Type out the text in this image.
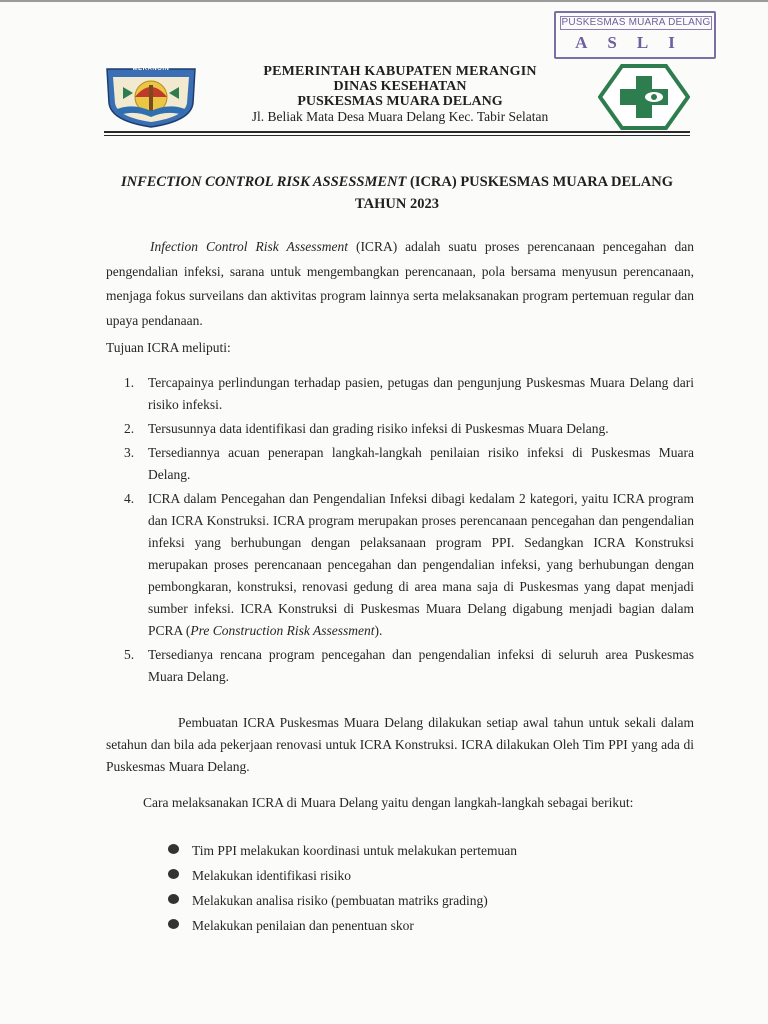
PUSKESMAS MUARA DELANG
ASLI
MERANGIN	PEMERINTAH KABUPATEN MERANGIN
DINAS KESEHATAN
PUSKESMAS MUARA DELANG
Jl. Beliak Mata Desa Muara Delang Kec. Tabir Selatan
INFECTION CONTROL RISK ASSESSMENT (ICRA) PUSKESMAS MUARA DELANG
TAHUN 2023
Infection Control Risk Assessment (ICRA) adalah suatu proses perencanaan pencegahan dan pengendalian infeksi, sarana untuk mengembangkan perencanaan, pola bersama menyusun perencanaan, menjaga fokus surveilans dan aktivitas program lainnya serta melaksanakan program pertemuan regular dan upaya pendanaan.
Tujuan ICRA meliputi:
1. Tercapainya perlindungan terhadap pasien, petugas dan pengunjung Puskesmas Muara Delang dari risiko infeksi.
2. Tersusunnya data identifikasi dan grading risiko infeksi di Puskesmas Muara Delang.
3. Tersediannya acuan penerapan langkah-langkah penilaian risiko infeksi di Puskesmas Muara Delang.
4. ICRA dalam Pencegahan dan Pengendalian Infeksi dibagi kedalam 2 kategori, yaitu ICRA program dan ICRA Konstruksi. ICRA program merupakan proses perencanaan pencegahan dan pengendalian infeksi yang berhubungan dengan pelaksanaan program PPI. Sedangkan ICRA Konstruksi merupakan proses perencanaan pencegahan dan pengendalian infeksi, yang berhubungan dengan pembongkaran, konstruksi, renovasi gedung di area mana saja di Puskesmas yang dapat menjadi sumber infeksi. ICRA Konstruksi di Puskesmas Muara Delang digabung menjadi bagian dalam PCRA (Pre Construction Risk Assessment).
5. Tersedianya rencana program pencegahan dan pengendalian infeksi di seluruh area Puskesmas Muara Delang.
Pembuatan ICRA Puskesmas Muara Delang dilakukan setiap awal tahun untuk sekali dalam setahun dan bila ada pekerjaan renovasi untuk ICRA Konstruksi. ICRA dilakukan Oleh Tim PPI yang ada di Puskesmas Muara Delang.
Cara melaksanakan ICRA di Muara Delang yaitu dengan langkah-langkah sebagai berikut:
Tim PPI melakukan koordinasi untuk melakukan pertemuan
Melakukan identifikasi risiko
Melakukan analisa risiko (pembuatan matriks grading)
Melakukan penilaian dan penentuan skor
